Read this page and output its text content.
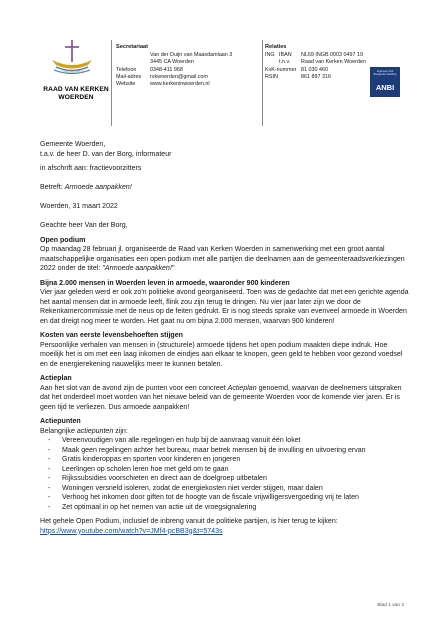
oikoumene
RAAD VAN KERKEN
WOERDEN
Secretariaat
Van der Duijn van Maasdamlaan 3
3445 CA Woerden
Telefoon	0348-411 968
Mail-adres	rvkwoerden@gmail.com
Website	www.kerkeninwoerden.nl
Relaties
ING IBAN	NL69 INGB 0003 0497 19
t.n.v.	Raad van Kerken Woerden
KvK-nummer 81 030 460
RSIN	861 897 316
Algemeen Nut Beogende Instelling
ANBI

Gemeente Woerden,

t.a.v. de heer D. van der Borg, informateur

in afschrift aan: fractievoorzitters

Betreft: Armoede aanpakken!

Woerden, 31 maart 2022

Geachte heer Van der Borg,

Open podium

Op maandag 28 februari jl. organiseerde de Raad van Kerken Woerden in samenwerking met een groot aantal maatschappelijke organisaties een open podium met alle partijen die deelnamen aan de gemeenteraadsverkiezingen 2022 onder de titel: "Armoede aanpakken!"

Bijna 2.000 mensen in Woerden leven in armoede, waaronder 900 kinderen

Vier jaar geleden werd er ook zo'n politieke avond georganiseerd. Toen was de gedachte dat met een gerichte agenda het aantal mensen dat in armoede leeft, flink zou zijn terug te dringen. Nu vier jaar later zijn we door de Rekenkamercommissie met de neus op de feiten gedrukt. Er is nog steeds sprake van evenveel armoede in Woerden en dat dreigt nog meer te worden. Het gaat nu om bijna 2.000 mensen, waarvan 900 kinderen!

Kosten van eerste levensbehoeften stijgen

Persoonlijke verhalen van mensen in (structurele) armoede tijdens het open podium maakten diepe indruk. Hoe moeilijk het is om met een laag inkomen de eindjes aan elkaar te knopen, geen geld te hebben voor gezond voedsel en de energierekening nauwelijks meer te kunnen betalen.

Actieplan

Aan het slot van de avond zijn de punten voor een concreet Actieplan genoemd, waarvan de deelnemers uitspraken dat het onderdeel moet worden van het nieuwe beleid van de gemeente Woerden voor de komende vier jaren. Er is geen tijd te verliezen. Dus armoede aanpakken!

Actiepunten

Belangrijke actiepunten zijn:

- Vereenvoudigen van alle regelingen en hulp bij de aanvraag vanuit één loket
- Maak geen regelingen achter het bureau, maar betrek mensen bij de invulling en uitvoering ervan
- Gratis kinderoppas en sporten voor kinderen en jongeren
- Leerlingen op scholen leren hoe met geld om te gaan
- Rijkssubsidies voorschieten en direct aan de doelgroep uitbetalen
- Woningen versneld isoleren, zodat de energiekosten niet verder stijgen, maar dalen
- Verhoog het inkomen door giften tot de hoogte van de fiscale vrijwilligersvergoeding vrij te laten
- Zet optimaal in op het nemen van actie uit de vroegsignalering

Het gehele Open Podium, inclusief de inbreng vanuit de politieke partijen, is hier terug te kijken:

https://www.youtube.com/watch?v=JMf4-pcBB3g&t=5743s

Blad 1 van 2
